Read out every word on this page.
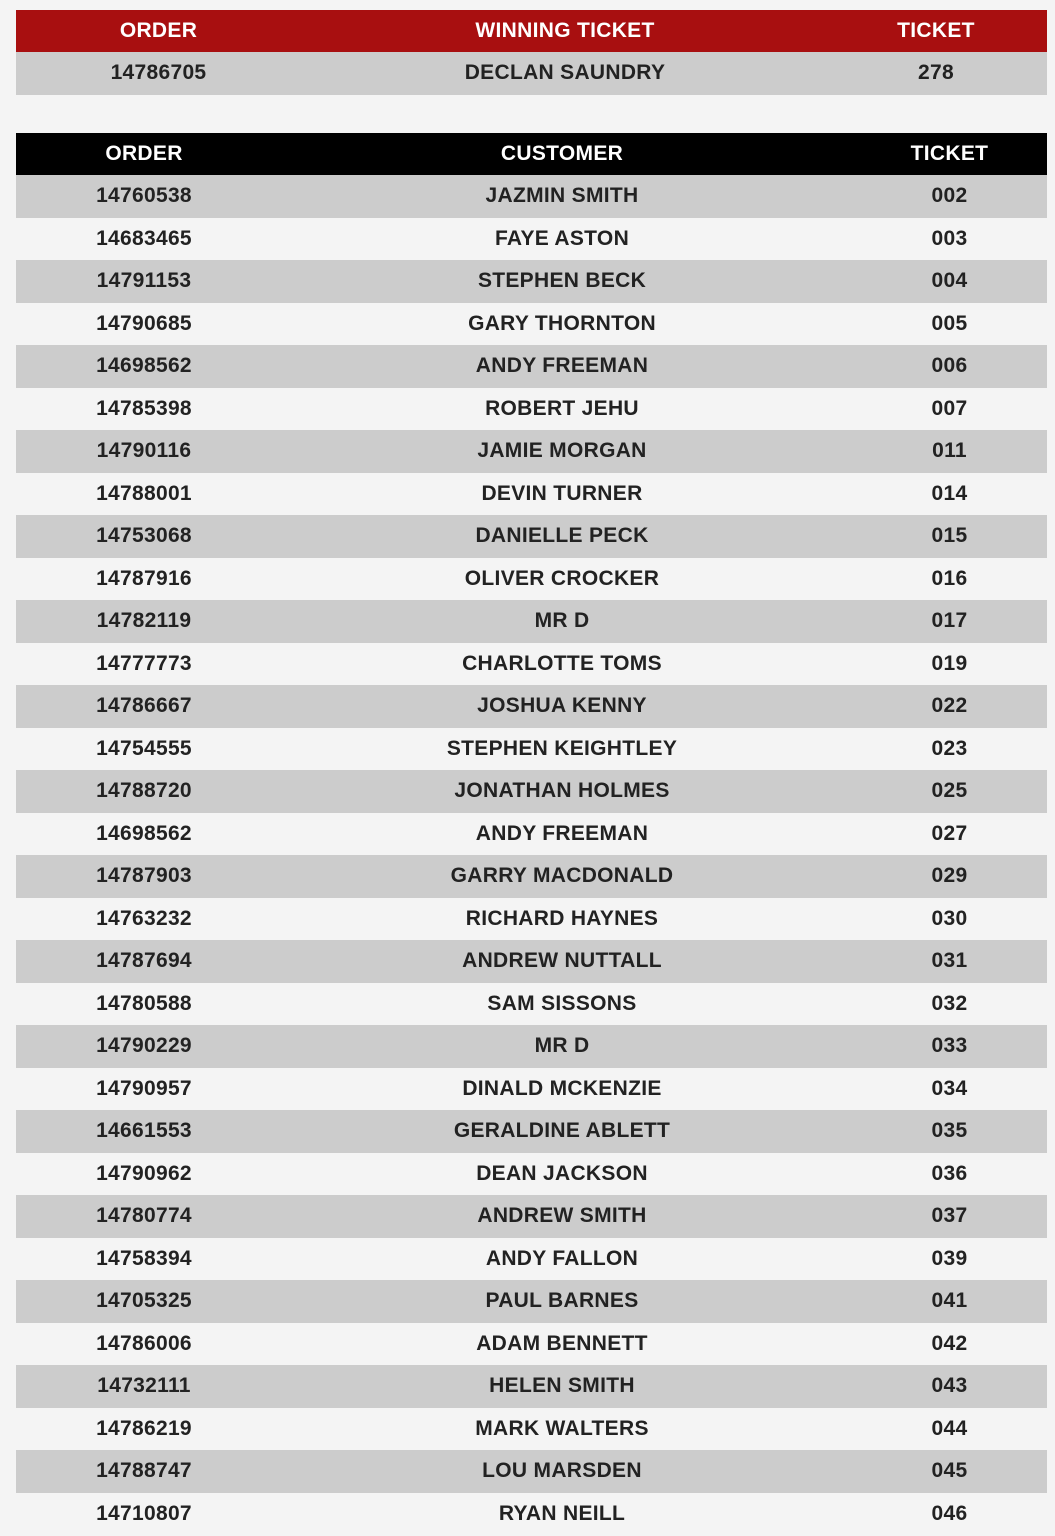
ORDER	WINNING TICKET	TICKET
14786705	DECLAN SAUNDRY	278
ORDER	CUSTOMER	TICKET
14760538	JAZMIN SMITH	002
14683465	FAYE ASTON	003
14791153	STEPHEN BECK	004
14790685	GARY THORNTON	005
14698562	ANDY FREEMAN	006
14785398	ROBERT JEHU	007
14790116	JAMIE MORGAN	011
14788001	DEVIN TURNER	014
14753068	DANIELLE PECK	015
14787916	OLIVER CROCKER	016
14782119	MR D	017
14777773	CHARLOTTE TOMS	019
14786667	JOSHUA KENNY	022
14754555	STEPHEN KEIGHTLEY	023
14788720	JONATHAN HOLMES	025
14698562	ANDY FREEMAN	027
14787903	GARRY MACDONALD	029
14763232	RICHARD HAYNES	030
14787694	ANDREW NUTTALL	031
14780588	SAM SISSONS	032
14790229	MR D	033
14790957	DINALD MCKENZIE	034
14661553	GERALDINE ABLETT	035
14790962	DEAN JACKSON	036
14780774	ANDREW SMITH	037
14758394	ANDY FALLON	039
14705325	PAUL BARNES	041
14786006	ADAM BENNETT	042
14732111	HELEN SMITH	043
14786219	MARK WALTERS	044
14788747	LOU MARSDEN	045
14710807	RYAN NEILL	046
